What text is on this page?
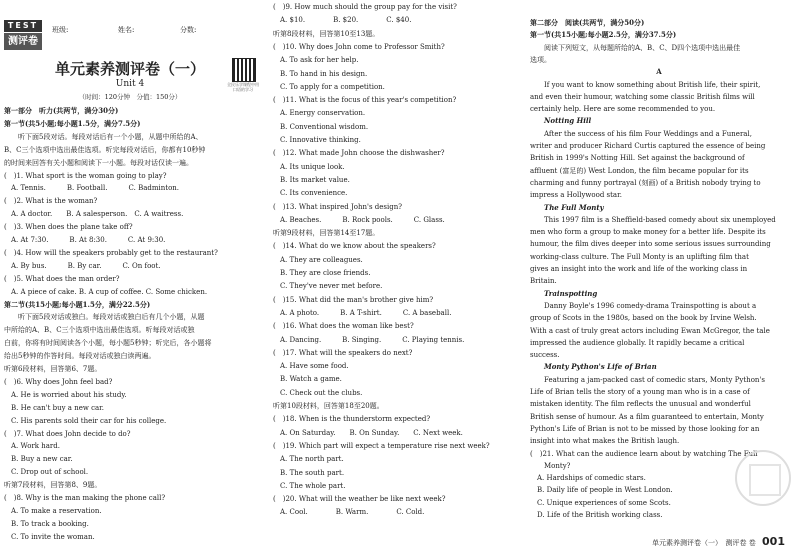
TEST
测评卷
班级:	姓名:	分数:
单元素养测评卷（一）
Unit 4
（时间：120分钟　分值：150分）
全民乐学课程中用口语的学习
第一部分　听力(共两节，满分30分)
第一节(共5小题;每小题1.5分，满分7.5分)
　　听下面5段对话。每段对话后有一个小题，从题中所给的A、
B、C三个选项中选出最佳选项。听完每段对话后，你都有10秒钟
的时间来回答有关小题和阅读下一小题。每段对话仅读一遍。
(　)1. What sport is the woman going to play?
　A. Tennis.　　　B. Football.　　　C. Badminton.
(　)2. What is the woman?
　A. A doctor.　　B. A salesperson.　C. A waitress.
(　)3. When does the plane take off?
　A. At 7:30.　　　B. At 8:30.　　　C. At 9:30.
(　)4. How will the speakers probably get to the restaurant?
　A. By bus.　　　B. By car.　　　C. On foot.
(　)5. What does the man order?
　A. A piece of cake. B. A cup of coffee. C. Some chicken.
第二节(共15小题;每小题1.5分，满分22.5分)
　　听下面5段对话或独白。每段对话或独白后有几个小题，从题
中所给的A、B、C三个选项中选出最佳选项。听每段对话或独
白前，你将有时间阅读各个小题，每小题5秒钟；听完后，各小题将
给出5秒钟的作答时间。每段对话或独白读两遍。
听第6段材料，回答第6、7题。
(　)6. Why does John feel bad?
　A. He is worried about his study.
　B. He can't buy a new car.
　C. His parents sold their car for his college.
(　)7. What does John decide to do?
　A. Work hard.
　B. Buy a new car.
　C. Drop out of school.
听第7段材料，回答第8、9题。
(　)8. Why is the man making the phone call?
　A. To make a reservation.
　B. To track a booking.
　C. To invite the woman.
(　)9. How much should the group pay for the visit?
　A. $10.　　　　B. $20.　　　　C. $40.
听第8段材料，回答第10至13题。
(　)10. Why does John come to Professor Smith?
　A. To ask for her help.
　B. To hand in his design.
　C. To apply for a competition.
(　)11. What is the focus of this year's competition?
　A. Energy conservation.
　B. Conventional wisdom.
　C. Innovative thinking.
(　)12. What made John choose the dishwasher?
　A. Its unique look.
　B. Its market value.
　C. Its convenience.
(　)13. What inspired John's design?
　A. Beaches.　　　B. Rock pools.　　　C. Glass.
听第9段材料，回答第14至17题。
(　)14. What do we know about the speakers?
　A. They are colleagues.
　B. They are close friends.
　C. They've never met before.
(　)15. What did the man's brother give him?
　A. A photo.　　　B. A T-shirt.　　　C. A baseball.
(　)16. What does the woman like best?
　A. Dancing.　　　B. Singing.　　　C. Playing tennis.
(　)17. What will the speakers do next?
　A. Have some food.
　B. Watch a game.
　C. Check out the clubs.
听第10段材料，回答第18至20题。
(　)18. When is the thunderstorm expected?
　A. On Saturday.　　B. On Sunday.　　C. Next week.
(　)19. Which part will expect a temperature rise next week?
　A. The north part.
　B. The south part.
　C. The whole part.
(　)20. What will the weather be like next week?
　A. Cool.　　　　B. Warm.　　　　C. Cold.
第二部分　阅读(共两节，满分50分)
第一节(共15小题;每小题2.5分，满分37.5分)
　　阅读下列短文，从每题所给的A、B、C、D四个选项中选出最佳
选项。
A
　　If you want to know something about British life, their spirit,
and even their humour, watching some classic British films will
certainly help. Here are some recommended to you.
　　Notting Hill
　　After the success of his film Four Weddings and a Funeral,
writer and producer Richard Curtis captured the essence of being
British in 1999's Notting Hill. Set against the background of
affluent (富足的) West London, the film became popular for its
charming and funny portrayal (刻画) of a British nobody trying to
impress a Hollywood star.
　　The Full Monty
　　This 1997 film is a Sheffield-based comedy about six unemployed
men who form a group to make money for a better life. Despite its
humour, the film dives deeper into some serious issues surrounding
working-class culture. The Full Monty is an uplifting film that
gives an insight into the work and life of the working class in
Britain.
　　Trainspotting
　　Danny Boyle's 1996 comedy-drama Trainspotting is about a
group of Scots in the 1980s, based on the book by Irvine Welsh.
With a cast of truly great actors including Ewan McGregor, the tale
impressed the audience globally. It rapidly became a critical
success.
　　Monty Python's Life of Brian
　　Featuring a jam-packed cast of comedic stars, Monty Python's
Life of Brian tells the story of a young man who is in a case of
mistaken identity. The film reflects the unusual and wonderful
British sense of humour. As a film guaranteed to entertain, Monty
Python's Life of Brian is not to be missed by those looking for an
insight into what makes the British laugh.
(　)21. What can the audience learn about by watching The Full
　　Monty?
　A. Hardships of comedic stars.
　B. Daily life of people in West London.
　C. Unique experiences of some Scots.
　D. Life of the British working class.
单元素养测评卷（一）　测评卷 卷 001
